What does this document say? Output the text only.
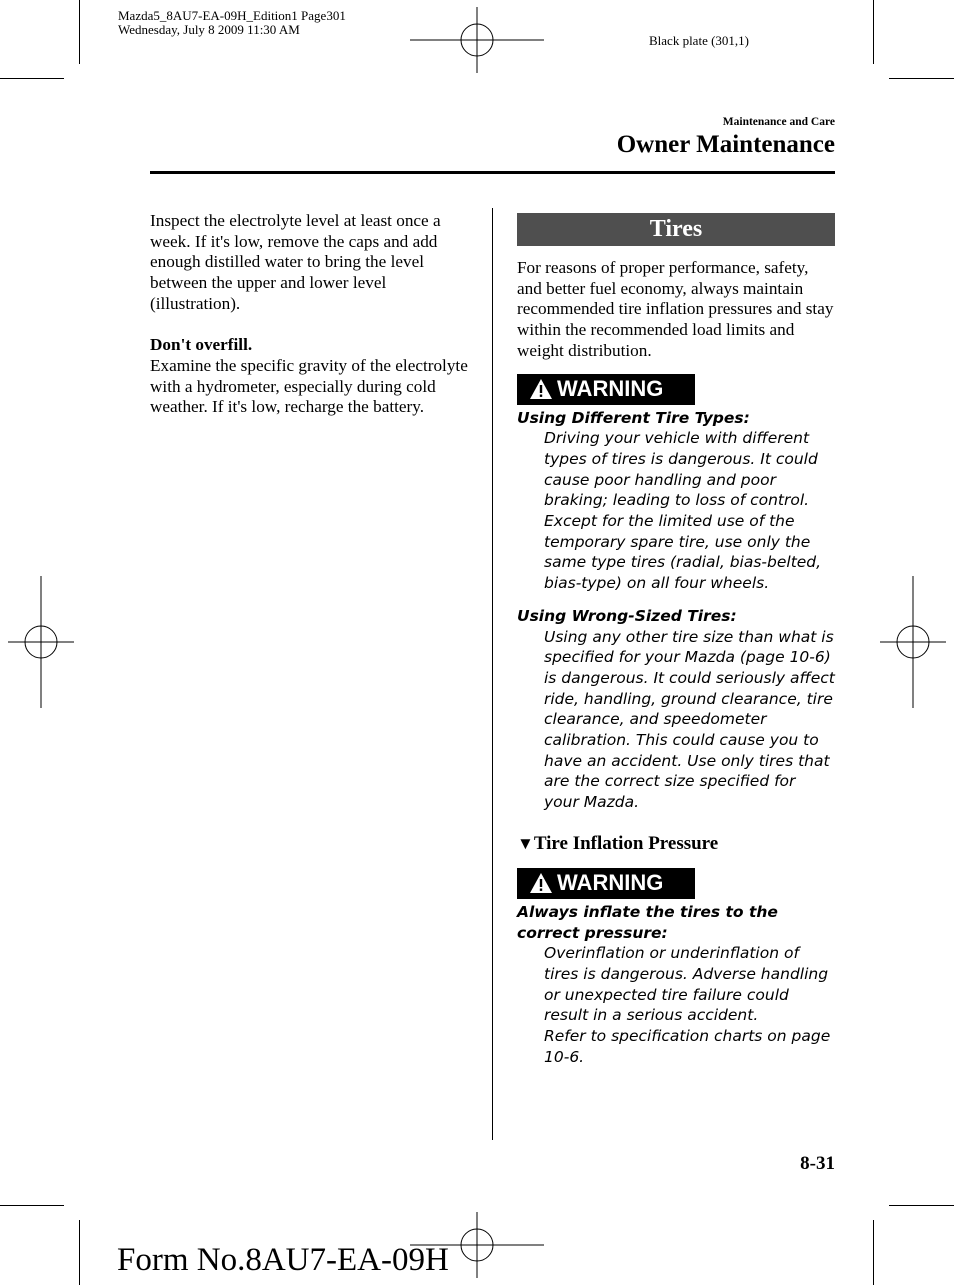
Mazda5_8AU7-EA-09H_Edition1 Page301
Wednesday, July 8 2009 11:30 AM
Black plate (301,1)
Maintenance and Care
Owner Maintenance
Inspect the electrolyte level at least once a week. If it's low, remove the caps and add enough distilled water to bring the level between the upper and lower level (illustration).
Don't overfill.
Examine the specific gravity of the electrolyte with a hydrometer, especially during cold weather. If it's low, recharge the battery.
Tires
For reasons of proper performance, safety, and better fuel economy, always maintain recommended tire inflation pressures and stay within the recommended load limits and weight distribution.
WARNING
Using Different Tire Types:
Driving your vehicle with different types of tires is dangerous. It could cause poor handling and poor braking; leading to loss of control. Except for the limited use of the temporary spare tire, use only the same type tires (radial, bias-belted, bias-type) on all four wheels.
Using Wrong-Sized Tires:
Using any other tire size than what is specified for your Mazda (page 10-6) is dangerous. It could seriously affect ride, handling, ground clearance, tire clearance, and speedometer calibration. This could cause you to have an accident. Use only tires that are the correct size specified for your Mazda.
▼Tire Inflation Pressure
WARNING
Always inflate the tires to the correct pressure:
Overinflation or underinflation of tires is dangerous. Adverse handling or unexpected tire failure could result in a serious accident.
Refer to specification charts on page 10-6.
8-31
Form No.8AU7-EA-09H
